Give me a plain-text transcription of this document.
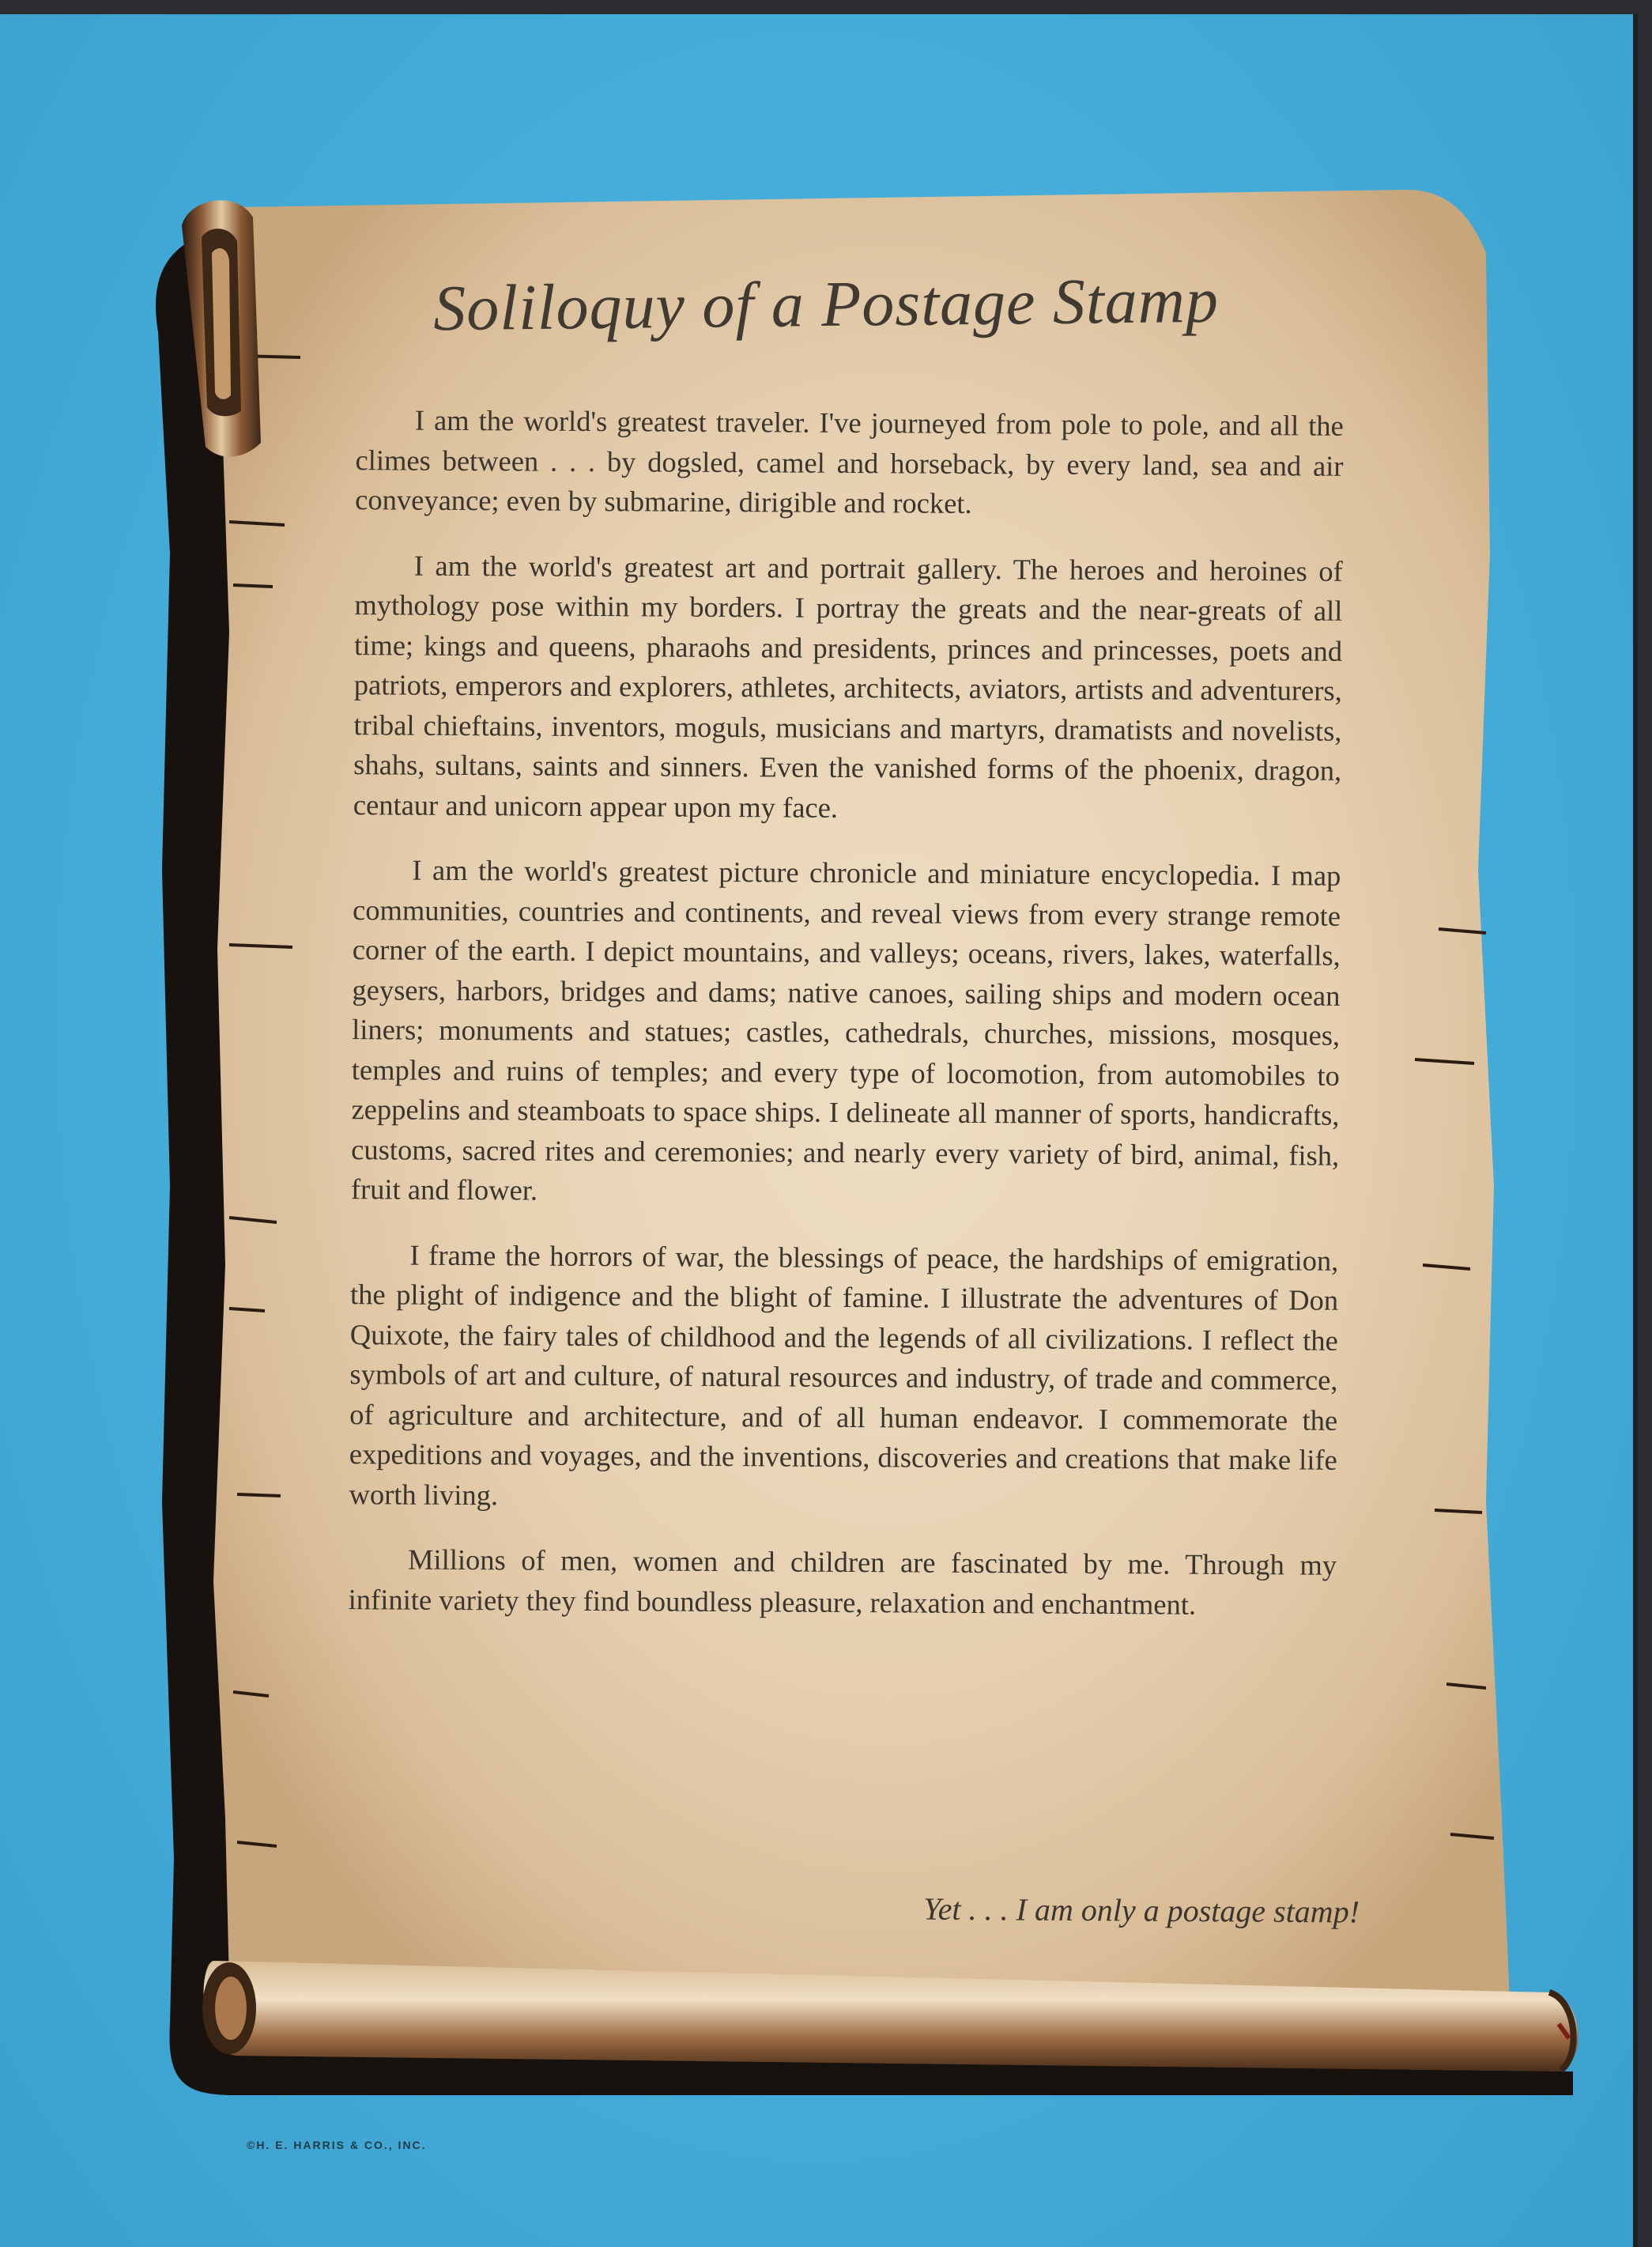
Soliloquy of a Postage Stamp

I am the world's greatest traveler. I've journeyed from pole to pole, and all the climes between . . . by dogsled, camel and horseback, by every land, sea and air conveyance; even by submarine, dirigible and rocket.

I am the world's greatest art and portrait gallery. The heroes and heroines of mythology pose within my borders. I portray the greats and the near-greats of all time; kings and queens, pharaohs and presidents, princes and princesses, poets and patriots, emperors and explorers, athletes, architects, aviators, artists and adventurers, tribal chieftains, inventors, moguls, musicians and martyrs, dramatists and novelists, shahs, sultans, saints and sinners. Even the vanished forms of the phoenix, dragon, centaur and unicorn appear upon my face.

I am the world's greatest picture chronicle and miniature encyclopedia. I map communities, countries and continents, and reveal views from every strange remote corner of the earth. I depict mountains, and valleys; oceans, rivers, lakes, waterfalls, geysers, harbors, bridges and dams; native canoes, sailing ships and modern ocean liners; monuments and statues; castles, cathedrals, churches, missions, mosques, temples and ruins of temples; and every type of locomotion, from automobiles to zeppelins and steamboats to space ships. I delineate all manner of sports, handicrafts, customs, sacred rites and ceremonies; and nearly every variety of bird, animal, fish, fruit and flower.

I frame the horrors of war, the blessings of peace, the hardships of emigration, the plight of indigence and the blight of famine. I illustrate the adventures of Don Quixote, the fairy tales of childhood and the legends of all civilizations. I reflect the symbols of art and culture, of natural resources and industry, of trade and commerce, of agriculture and architecture, and of all human endeavor. I commemorate the expeditions and voyages, and the inventions, discoveries and creations that make life worth living.

Millions of men, women and children are fascinated by me. Through my infinite variety they find boundless pleasure, relaxation and enchantment.

Yet . . . I am only a postage stamp!
©H. E. HARRIS & CO., INC.
